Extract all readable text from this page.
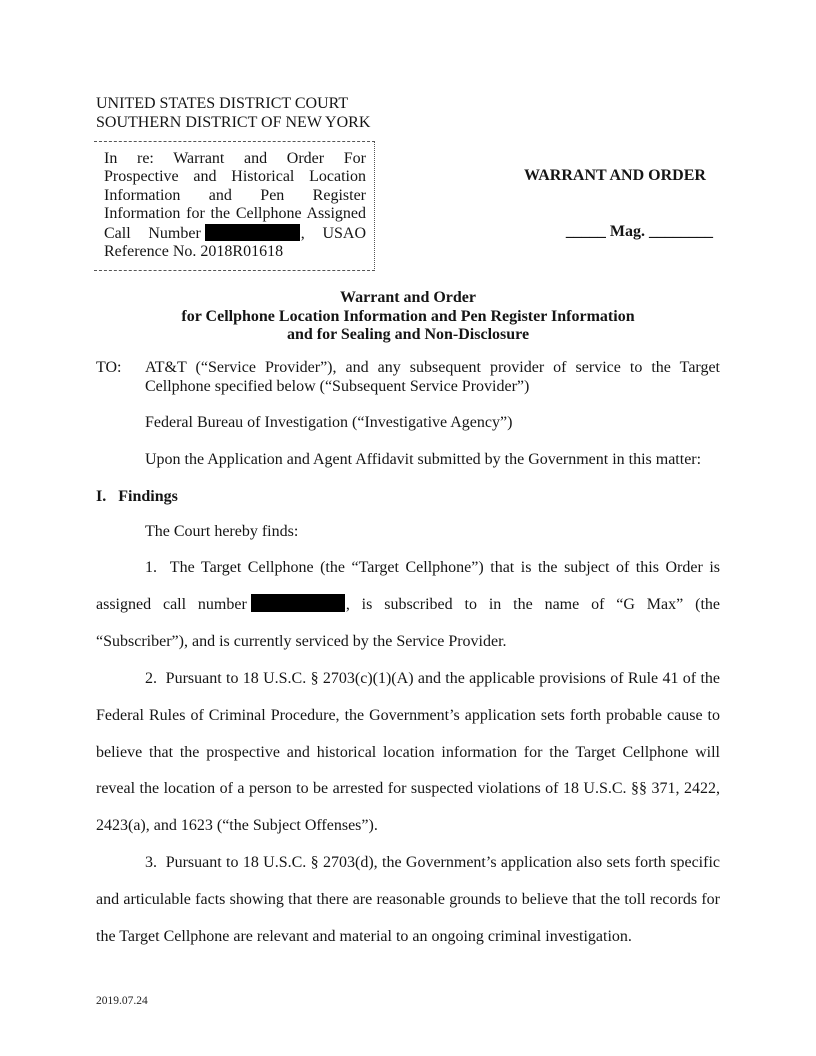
UNITED STATES DISTRICT COURT
SOUTHERN DISTRICT OF NEW YORK
In re: Warrant and Order For Prospective and Historical Location Information and Pen Register Information for the Cellphone Assigned Call Number	, USAO Reference No. 2018R01618
WARRANT AND ORDER
_____ Mag. ________
Warrant and Order
for Cellphone Location Information and Pen Register Information
and for Sealing and Non-Disclosure
TO: AT&T (“Service Provider”), and any subsequent provider of service to the Target Cellphone specified below (“Subsequent Service Provider”)
Federal Bureau of Investigation (“Investigative Agency”)
Upon the Application and Agent Affidavit submitted by the Government in this matter:
I. Findings
The Court hereby finds:

1.  The Target Cellphone (the “Target Cellphone”) that is the subject of this Order is assigned call number	, is subscribed to in the name of “G Max” (the “Subscriber”), and is currently serviced by the Service Provider.

2.  Pursuant to 18 U.S.C. § 2703(c)(1)(A) and the applicable provisions of Rule 41 of the Federal Rules of Criminal Procedure, the Government’s application sets forth probable cause to believe that the prospective and historical location information for the Target Cellphone will reveal the location of a person to be arrested for suspected violations of 18 U.S.C. §§ 371, 2422, 2423(a), and 1623 (“the Subject Offenses”).

3.  Pursuant to 18 U.S.C. § 2703(d), the Government’s application also sets forth specific and articulable facts showing that there are reasonable grounds to believe that the toll records for the Target Cellphone are relevant and material to an ongoing criminal investigation.

2019.07.24
